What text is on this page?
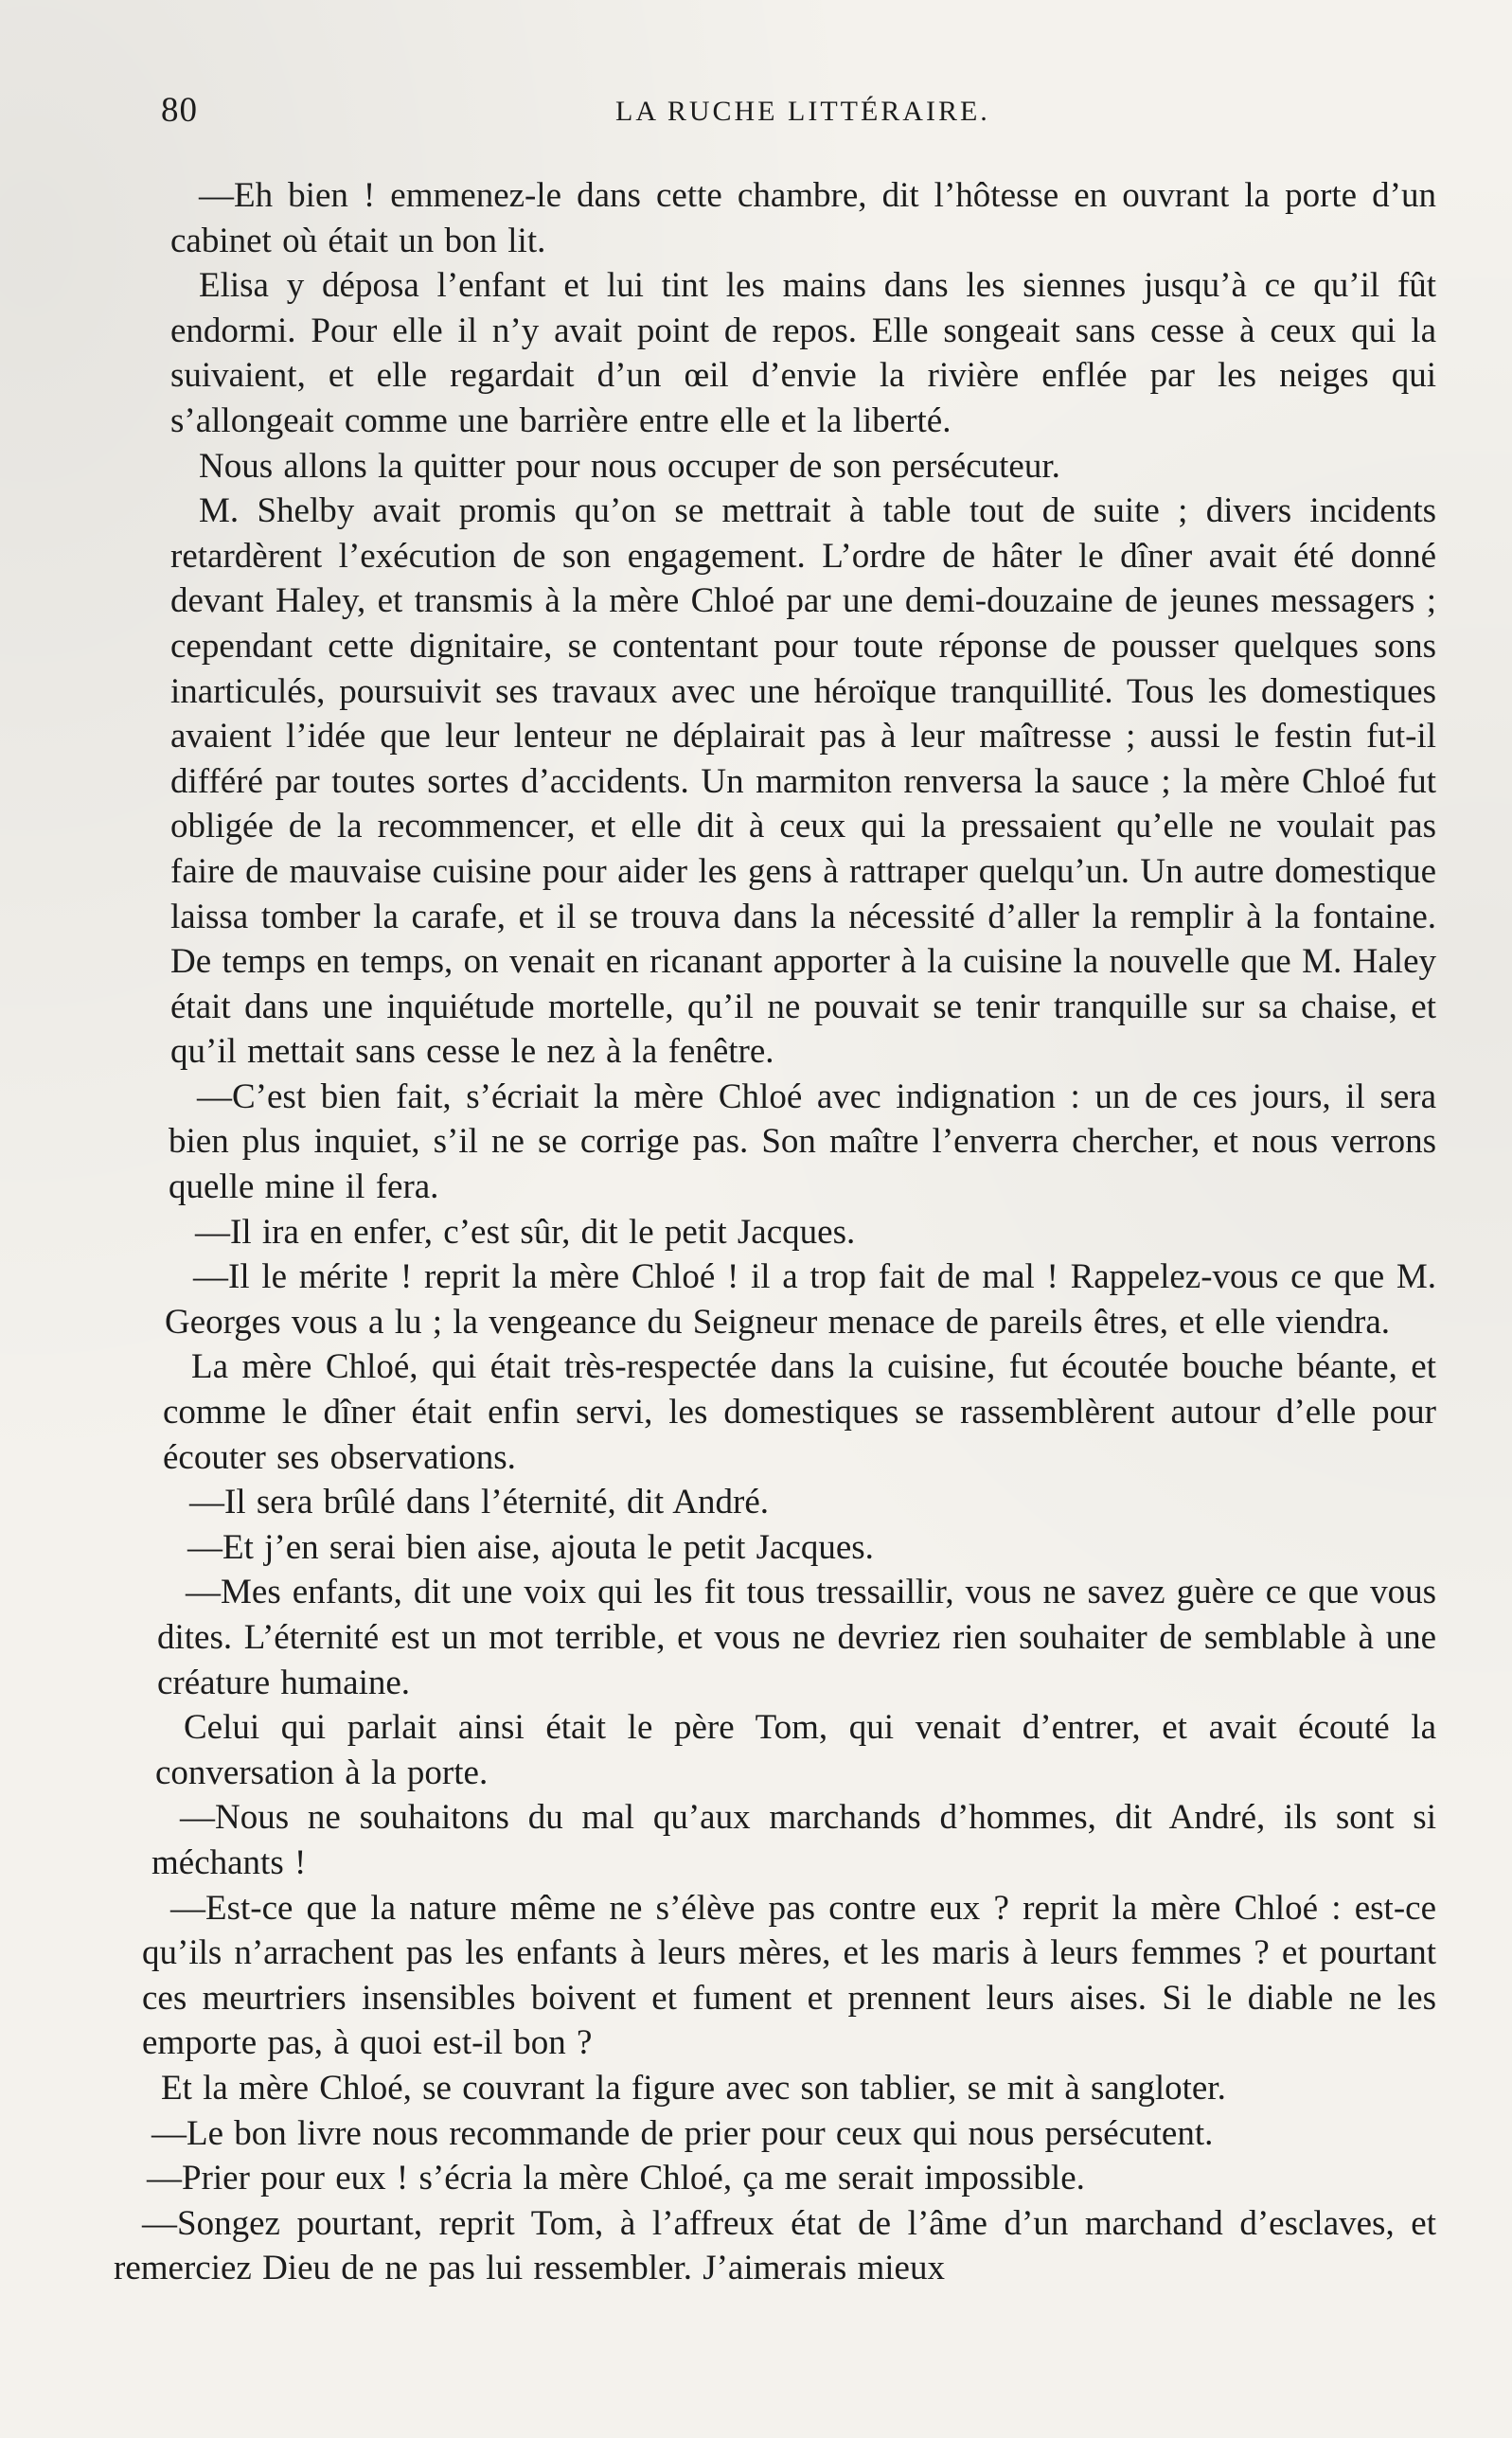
80	LA RUCHE LITTÉRAIRE.

—Eh bien ! emmenez-le dans cette chambre, dit l’hôtesse en ouvrant la porte d’un cabinet où était un bon lit.

Elisa y déposa l’enfant et lui tint les mains dans les siennes jusqu’à ce qu’il fût endormi. Pour elle il n’y avait point de repos. Elle songeait sans cesse à ceux qui la suivaient, et elle regardait d’un œil d’envie la rivière enflée par les neiges qui s’allongeait comme une barrière entre elle et la liberté.

Nous allons la quitter pour nous occuper de son persécuteur.

M. Shelby avait promis qu’on se mettrait à table tout de suite ; divers incidents retardèrent l’exécution de son engagement. L’ordre de hâter le dîner avait été donné devant Haley, et transmis à la mère Chloé par une demi-douzaine de jeunes messagers ; cependant cette dignitaire, se contentant pour toute réponse de pousser quelques sons inarticulés, poursuivit ses travaux avec une héroïque tranquillité. Tous les domestiques avaient l’idée que leur lenteur ne déplairait pas à leur maîtresse ; aussi le festin fut-il différé par toutes sortes d’accidents. Un marmiton renversa la sauce ; la mère Chloé fut obligée de la recommencer, et elle dit à ceux qui la pressaient qu’elle ne voulait pas faire de mauvaise cuisine pour aider les gens à rattraper quelqu’un. Un autre domestique laissa tomber la carafe, et il se trouva dans la nécessité d’aller la remplir à la fontaine. De temps en temps, on venait en ricanant apporter à la cuisine la nouvelle que M. Haley était dans une inquiétude mortelle, qu’il ne pouvait se tenir tranquille sur sa chaise, et qu’il mettait sans cesse le nez à la fenêtre.

—C’est bien fait, s’écriait la mère Chloé avec indignation : un de ces jours, il sera bien plus inquiet, s’il ne se corrige pas. Son maître l’enverra chercher, et nous verrons quelle mine il fera.

—Il ira en enfer, c’est sûr, dit le petit Jacques.

—Il le mérite ! reprit la mère Chloé ! il a trop fait de mal ! Rappelez-vous ce que M. Georges vous a lu ; la vengeance du Seigneur menace de pareils êtres, et elle viendra.

La mère Chloé, qui était très-respectée dans la cuisine, fut écoutée bouche béante, et comme le dîner était enfin servi, les domestiques se rassemblèrent autour d’elle pour écouter ses observations.

—Il sera brûlé dans l’éternité, dit André.

—Et j’en serai bien aise, ajouta le petit Jacques.

—Mes enfants, dit une voix qui les fit tous tressaillir, vous ne savez guère ce que vous dites. L’éternité est un mot terrible, et vous ne devriez rien souhaiter de semblable à une créature humaine.

Celui qui parlait ainsi était le père Tom, qui venait d’entrer, et avait écouté la conversation à la porte.

—Nous ne souhaitons du mal qu’aux marchands d’hommes, dit André, ils sont si méchants !

—Est-ce que la nature même ne s’élève pas contre eux ? reprit la mère Chloé : est-ce qu’ils n’arrachent pas les enfants à leurs mères, et les maris à leurs femmes ? et pourtant ces meurtriers insensibles boivent et fument et prennent leurs aises. Si le diable ne les emporte pas, à quoi est-il bon ?

Et la mère Chloé, se couvrant la figure avec son tablier, se mit à sangloter.

—Le bon livre nous recommande de prier pour ceux qui nous persécutent.

—Prier pour eux ! s’écria la mère Chloé, ça me serait impossible.

—Songez pourtant, reprit Tom, à l’affreux état de l’âme d’un marchand d’esclaves, et remerciez Dieu de ne pas lui ressembler. J’aimerais mieux
